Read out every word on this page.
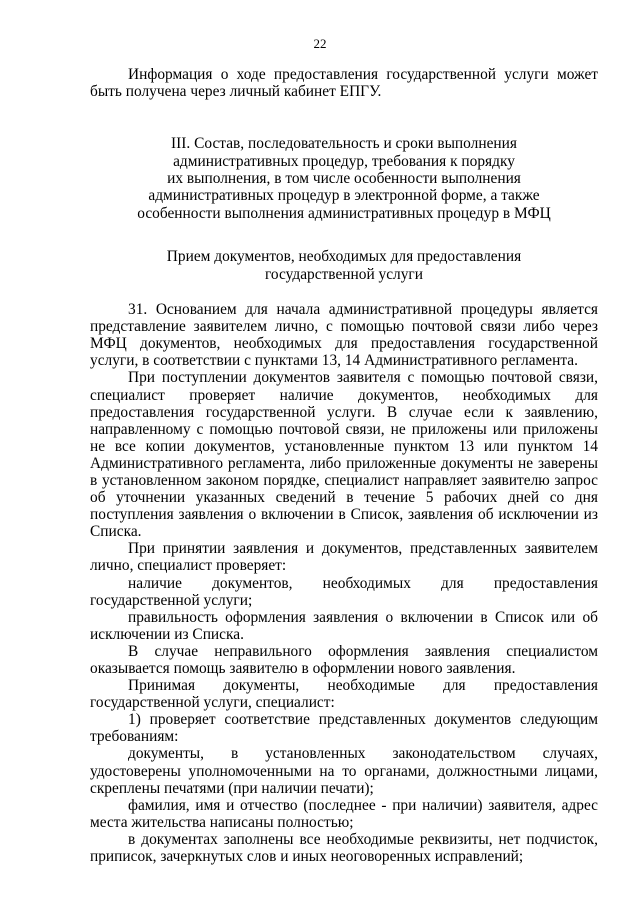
22

Информация о ходе предоставления государственной услуги может быть получена через личный кабинет ЕПГУ.

III. Состав, последовательность и сроки выполнения
административных процедур, требования к порядку
их выполнения, в том числе особенности выполнения
административных процедур в электронной форме, а также
особенности выполнения административных процедур в МФЦ
Прием документов, необходимых для предоставления
государственной услуги

31. Основанием для начала административной процедуры является представление заявителем лично, с помощью почтовой связи либо через МФЦ документов, необходимых для предоставления государственной услуги, в соответствии с пунктами 13, 14 Административного регламента.

При поступлении документов заявителя с помощью почтовой связи, специалист проверяет наличие документов, необходимых для предоставления государственной услуги. В случае если к заявлению, направленному с помощью почтовой связи, не приложены или приложены не все копии документов, установленные пунктом 13 или пунктом 14 Административного регламента, либо приложенные документы не заверены в установленном законом порядке, специалист направляет заявителю запрос об уточнении указанных сведений в течение 5 рабочих дней со дня поступления заявления о включении в Список, заявления об исключении из Списка.

При принятии заявления и документов, представленных заявителем лично, специалист проверяет:

наличие документов, необходимых для предоставления государственной услуги;

правильность оформления заявления о включении в Список или об исключении из Списка.

В случае неправильного оформления заявления специалистом оказывается помощь заявителю в оформлении нового заявления.

Принимая документы, необходимые для предоставления государственной услуги, специалист:

1) проверяет соответствие представленных документов следующим требованиям:

документы, в установленных законодательством случаях, удостоверены уполномоченными на то органами, должностными лицами, скреплены печатями (при наличии печати);

фамилия, имя и отчество (последнее - при наличии) заявителя, адрес места жительства написаны полностью;

в документах заполнены все необходимые реквизиты, нет подчисток, приписок, зачеркнутых слов и иных неоговоренных исправлений;
